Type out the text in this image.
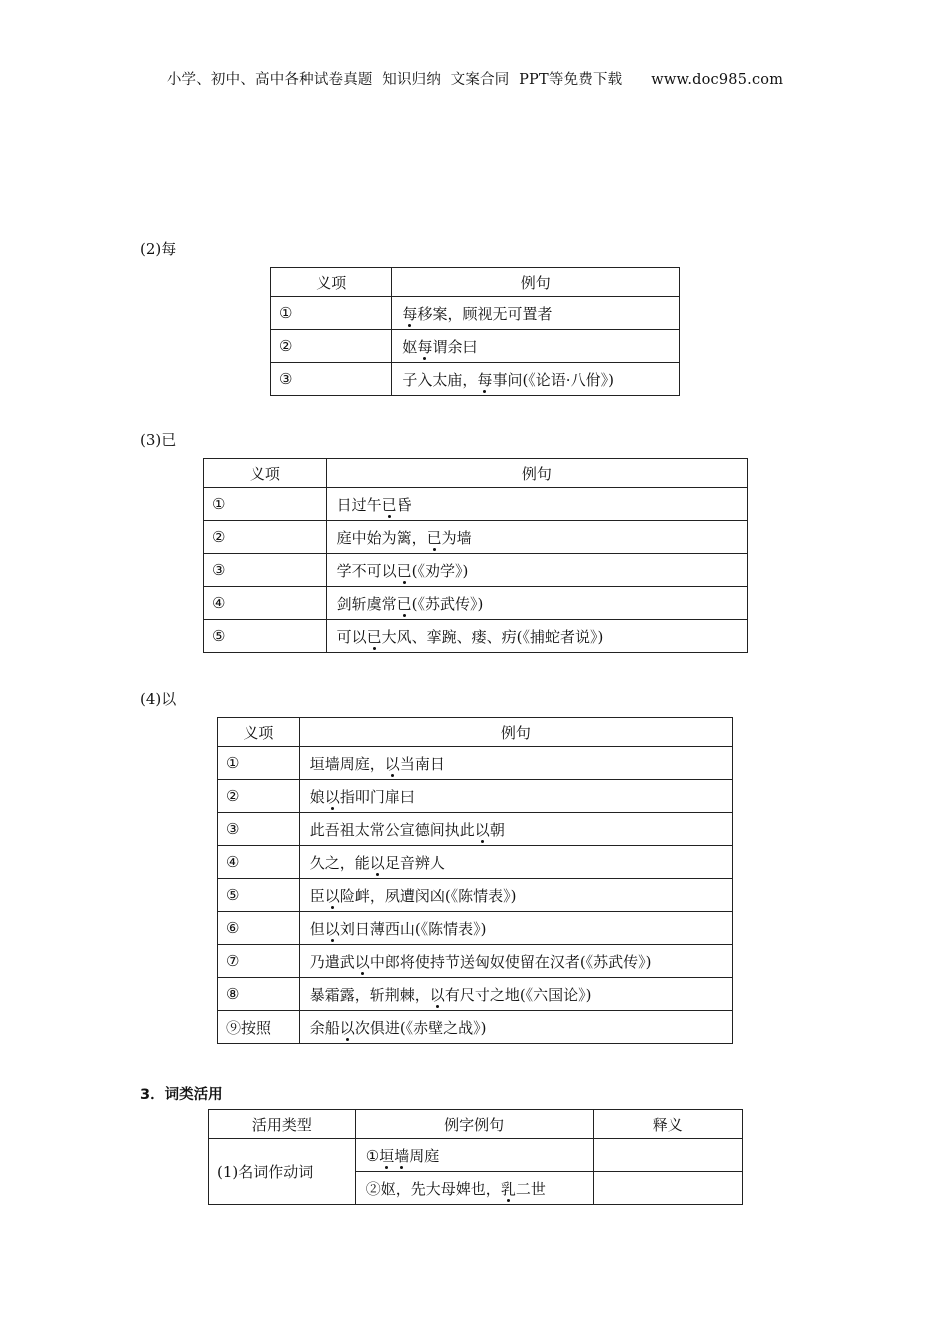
小学、初中、高中各种试卷真题  知识归纳  文案合同  PPT等免费下载      www.doc985.com
(2)每
义项	例句
①	每移案，顾视无可置者
②	妪每谓余曰
③	子入太庙，每事问(《论语·八佾》)
(3)已
义项	例句
①	日过午已昏
②	庭中始为篱，已为墙
③	学不可以已(《劝学》)
④	剑斩虞常已(《苏武传》)
⑤	可以已大风、挛踠、瘘、疠(《捕蛇者说》)
(4)以
义项	例句
①	垣墙周庭，以当南日
②	娘以指叩门扉曰
③	此吾祖太常公宣德间执此以朝
④	久之，能以足音辨人
⑤	臣以险衅，夙遭闵凶(《陈情表》)
⑥	但以刘日薄西山(《陈情表》)
⑦	乃遣武以中郎将使持节送匈奴使留在汉者(《苏武传》)
⑧	暴霜露，斩荆棘，以有尺寸之地(《六国论》)
⑨按照	余船以次俱进(《赤壁之战》)
3．词类活用
活用类型	例字例句	释义
(1)名词作动词	①垣墙周庭	
	②妪，先大母婢也，乳二世	
